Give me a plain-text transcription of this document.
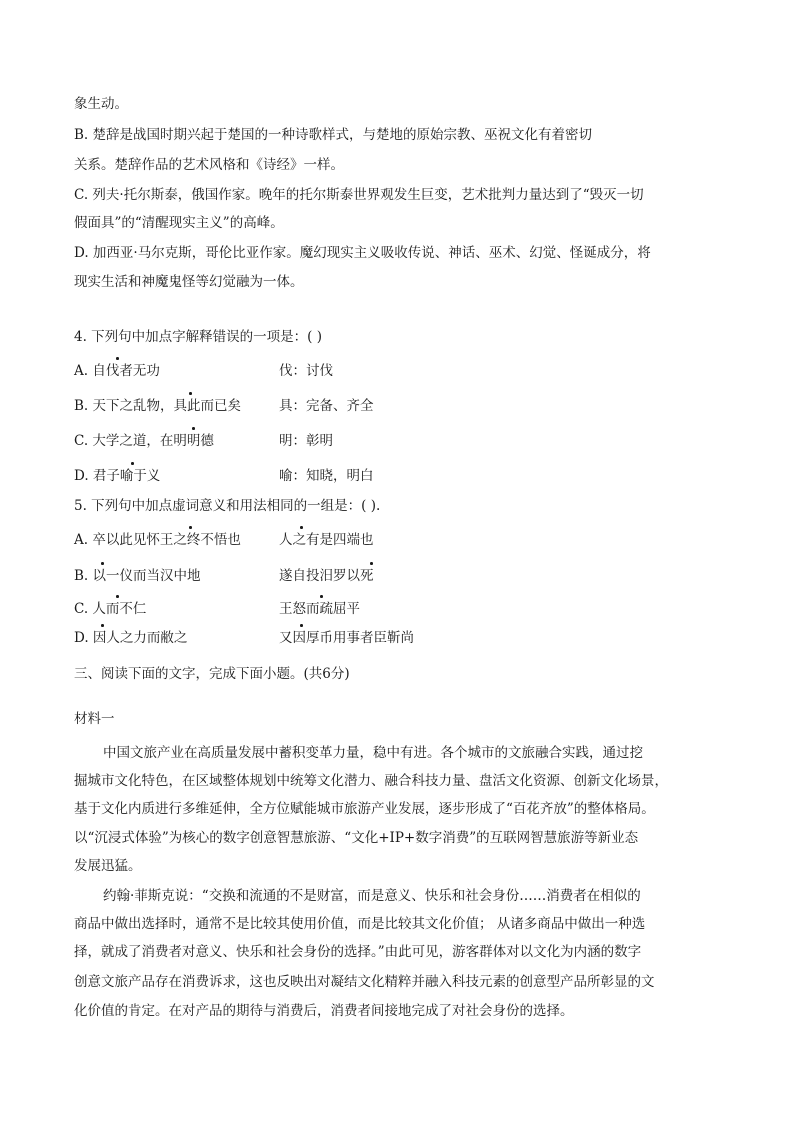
象生动。
B. 楚辞是战国时期兴起于楚国的一种诗歌样式，与楚地的原始宗教、巫祝文化有着密切
关系。楚辞作品的艺术风格和《诗经》一样。
C. 列夫·托尔斯泰，俄国作家。晚年的托尔斯泰世界观发生巨变，艺术批判力量达到了“毁灭一切
假面具”的“清醒现实主义”的高峰。
D. 加西亚·马尔克斯，哥伦比亚作家。魔幻现实主义吸收传说、神话、巫术、幻觉、怪诞成分，将
现实生活和神魔鬼怪等幻觉融为一体。
4. 下列句中加点字解释错误的一项是：( )
A. 自伐者无功	伐：讨伐
B. 天下之乱物，具此而已矣	具：完备、齐全
C. 大学之道，在明明德	明：彰明
D. 君子喻于义	喻：知晓，明白
5. 下列句中加点虚词意义和用法相同的一组是：( ).
A. 卒以此见怀王之终不悟也	人之有是四端也
B. 以一仪而当汉中地	遂自投汨罗以死
C. 人而不仁	王怒而疏屈平
D. 因人之力而敝之	又因厚币用事者臣靳尚
三、阅读下面的文字，完成下面小题。(共6分)
材料一
中国文旅产业在高质量发展中蓄积变革力量，稳中有进。各个城市的文旅融合实践，通过挖
掘城市文化特色，在区域整体规划中统筹文化潜力、融合科技力量、盘活文化资源、创新文化场景，
基于文化内质进行多维延伸，全方位赋能城市旅游产业发展，逐步形成了“百花齐放”的整体格局。
以“沉浸式体验”为核心的数字创意智慧旅游、“文化+IP+数字消费”的互联网智慧旅游等新业态
发展迅猛。
约翰·菲斯克说：“交换和流通的不是财富，而是意义、快乐和社会身份……消费者在相似的
商品中做出选择时，通常不是比较其使用价值，而是比较其文化价值； 从诸多商品中做出一种选
择，就成了消费者对意义、快乐和社会身份的选择。”由此可见，游客群体对以文化为内涵的数字
创意文旅产品存在消费诉求，这也反映出对凝结文化精粹并融入科技元素的创意型产品所彰显的文
化价值的肯定。在对产品的期待与消费后，消费者间接地完成了对社会身份的选择。
